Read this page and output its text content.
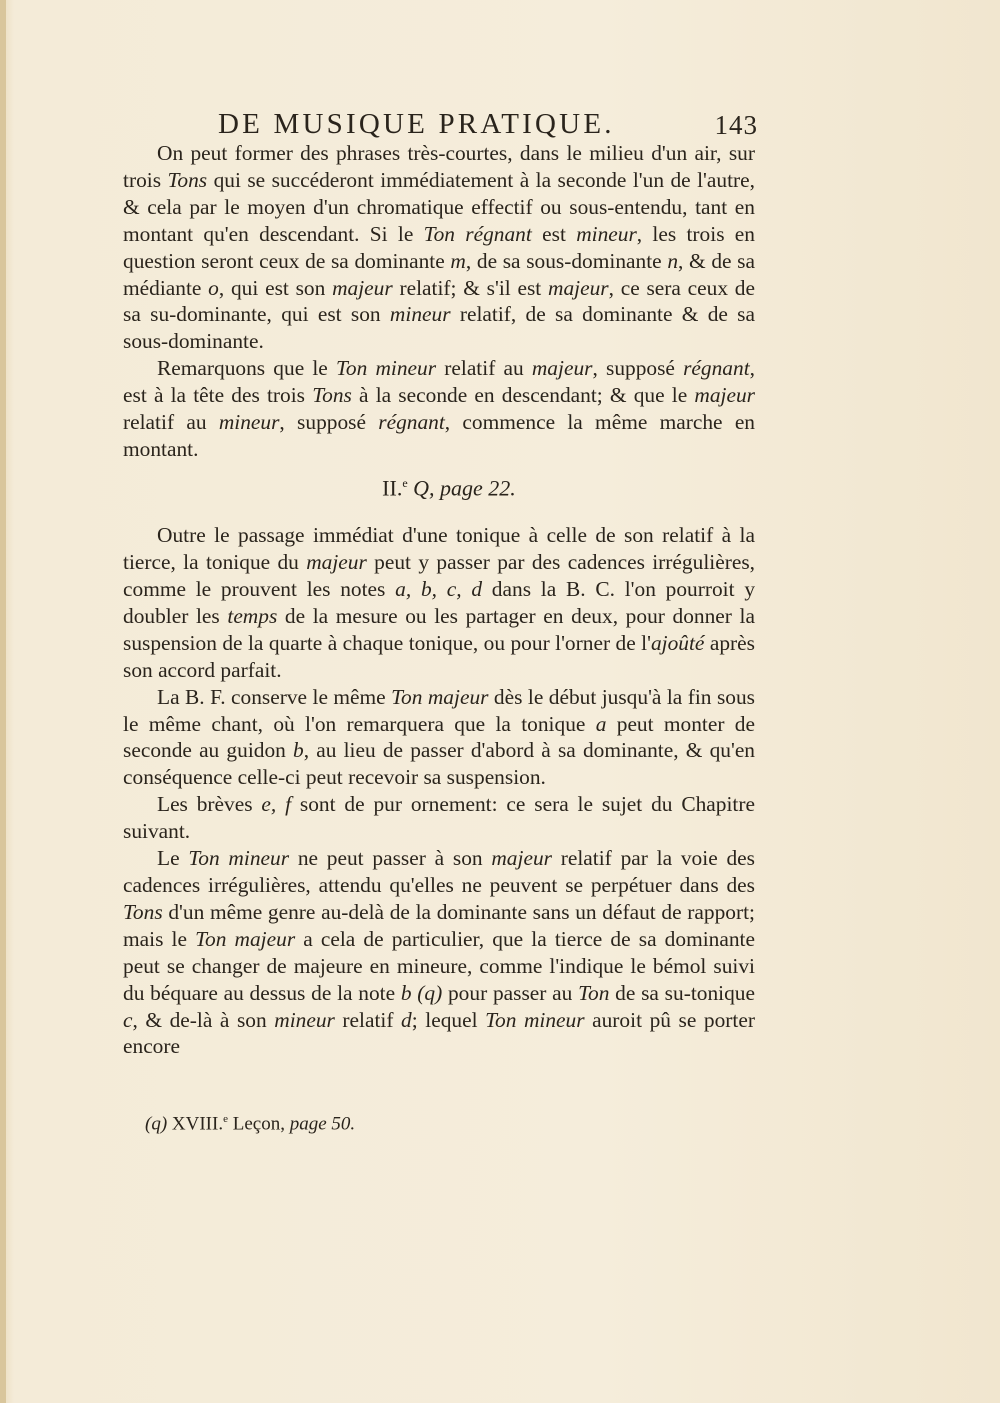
DE MUSIQUE PRATIQUE.	143

On peut former des phrases très-courtes, dans le milieu d'un air, sur trois Tons qui se succéderont immédiatement à la seconde l'un de l'autre, & cela par le moyen d'un chromatique effectif ou sous-entendu, tant en montant qu'en descendant. Si le Ton régnant est mineur, les trois en question seront ceux de sa dominante m, de sa sous-dominante n, & de sa médiante o, qui est son majeur relatif; & s'il est majeur, ce sera ceux de sa su-dominante, qui est son mineur relatif, de sa dominante & de sa sous-dominante.

Remarquons que le Ton mineur relatif au majeur, supposé régnant, est à la tête des trois Tons à la seconde en descendant; & que le majeur relatif au mineur, supposé régnant, commence la même marche en montant.

II.$^e$ Q, page 22.

Outre le passage immédiat d'une tonique à celle de son relatif à la tierce, la tonique du majeur peut y passer par des cadences irrégulières, comme le prouvent les notes a, b, c, d dans la B. C. l'on pourroit y doubler les temps de la mesure ou les partager en deux, pour donner la suspension de la quarte à chaque tonique, ou pour l'orner de l'ajoûté après son accord parfait.

La B. F. conserve le même Ton majeur dès le début jusqu'à la fin sous le même chant, où l'on remarquera que la tonique a peut monter de seconde au guidon b, au lieu de passer d'abord à sa dominante, & qu'en conséquence celle-ci peut recevoir sa suspension.

Les brèves e, f sont de pur ornement: ce sera le sujet du Chapitre suivant.

Le Ton mineur ne peut passer à son majeur relatif par la voie des cadences irrégulières, attendu qu'elles ne peuvent se perpétuer dans des Tons d'un même genre au-delà de la dominante sans un défaut de rapport; mais le Ton majeur a cela de particulier, que la tierce de sa dominante peut se changer de majeure en mineure, comme l'indique le bémol suivi du béquare au dessus de la note b (q) pour passer au Ton de sa su-tonique c, & de-là à son mineur relatif d; lequel Ton mineur auroit pû se porter encore

(q) XVIII.$^e$ Leçon, page 50.
